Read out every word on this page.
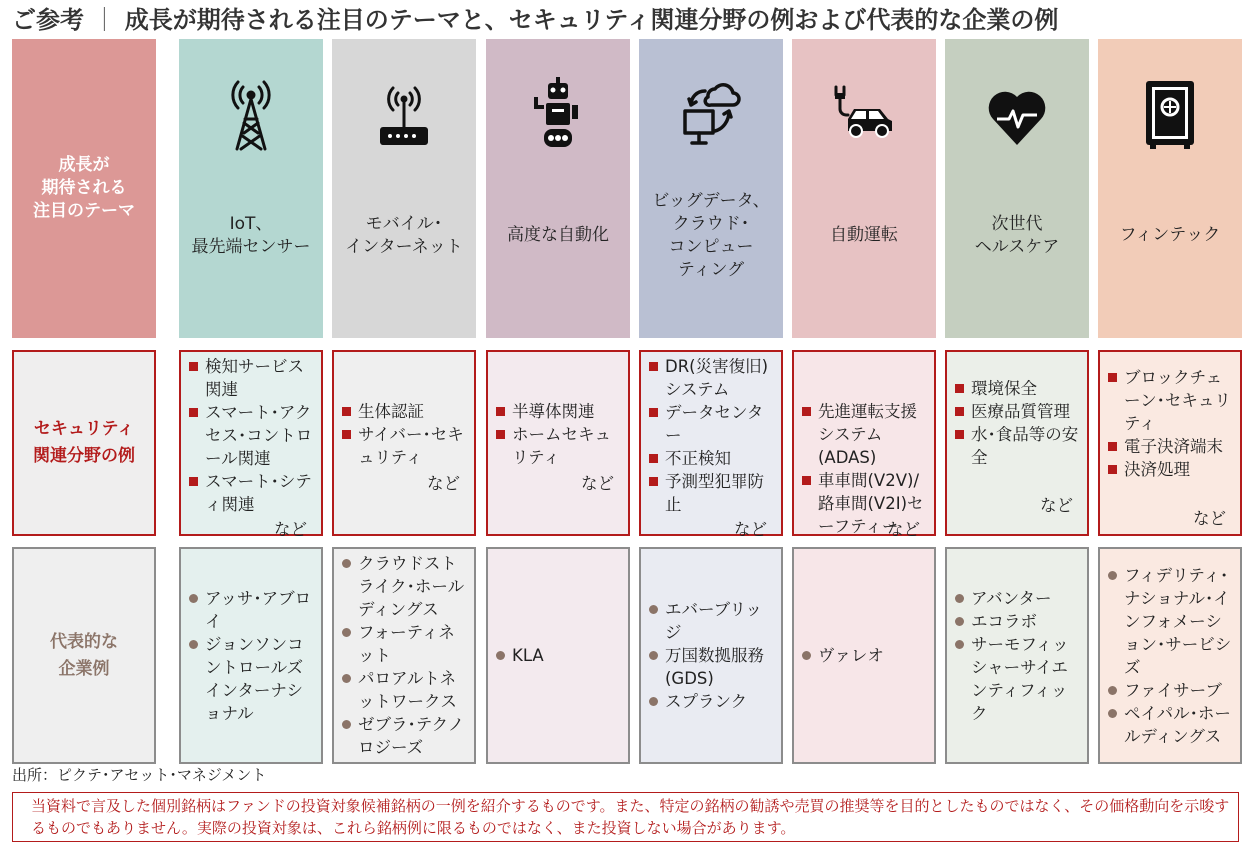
ご参考 ｜ 成長が期待される注目のテーマと、セキュリティ関連分野の例および代表的な企業の例
成長が
期待される
注目のテーマ
セキュリティ
関連分野の例
代表的な
企業例
IoT、
最先端センサー
検知サービス関連
スマート･アクセス･コントロール関連
スマート･シティ関連
など
アッサ･アブロイ
ジョンソンコントロールズインターナショナル
モバイル･
インターネット
生体認証
サイバー･セキュリティ
など
クラウドストライク･ホールディングス
フォーティネット
パロアルトネットワークス
ゼブラ･テクノロジーズ
高度な自動化
半導体関連
ホームセキュリティ
など
KLA
ビッグデータ、
クラウド･
コンピュー
ティング
DR(災害復旧)システム
データセンター
不正検知
予測型犯罪防止
など
エバーブリッジ
万国数拠服務(GDS)
スプランク
自動運転
先進運転支援システム(ADAS)
車車間(V2V)/路車間(V2I)セーフティー
など
ヴァレオ
次世代
ヘルスケア
環境保全
医療品質管理
水･食品等の安全
など
アバンター
エコラボ
サーモフィッシャーサイエンティフィック
フィンテック
ブロックチェーン･セキュリティ
電子決済端末
決済処理
など
フィデリティ･ナショナル･インフォメーション･サービシズ
ファイサーブ
ペイパル･ホールディングス
出所：ピクテ･アセット･マネジメント
当資料で言及した個別銘柄はファンドの投資対象候補銘柄の一例を紹介するものです。また、特定の銘柄の勧誘や売買の推奨等を目的としたものではなく、その価格動向を示唆するものでもありません。実際の投資対象は、これら銘柄例に限るものではなく、また投資しない場合があります。
